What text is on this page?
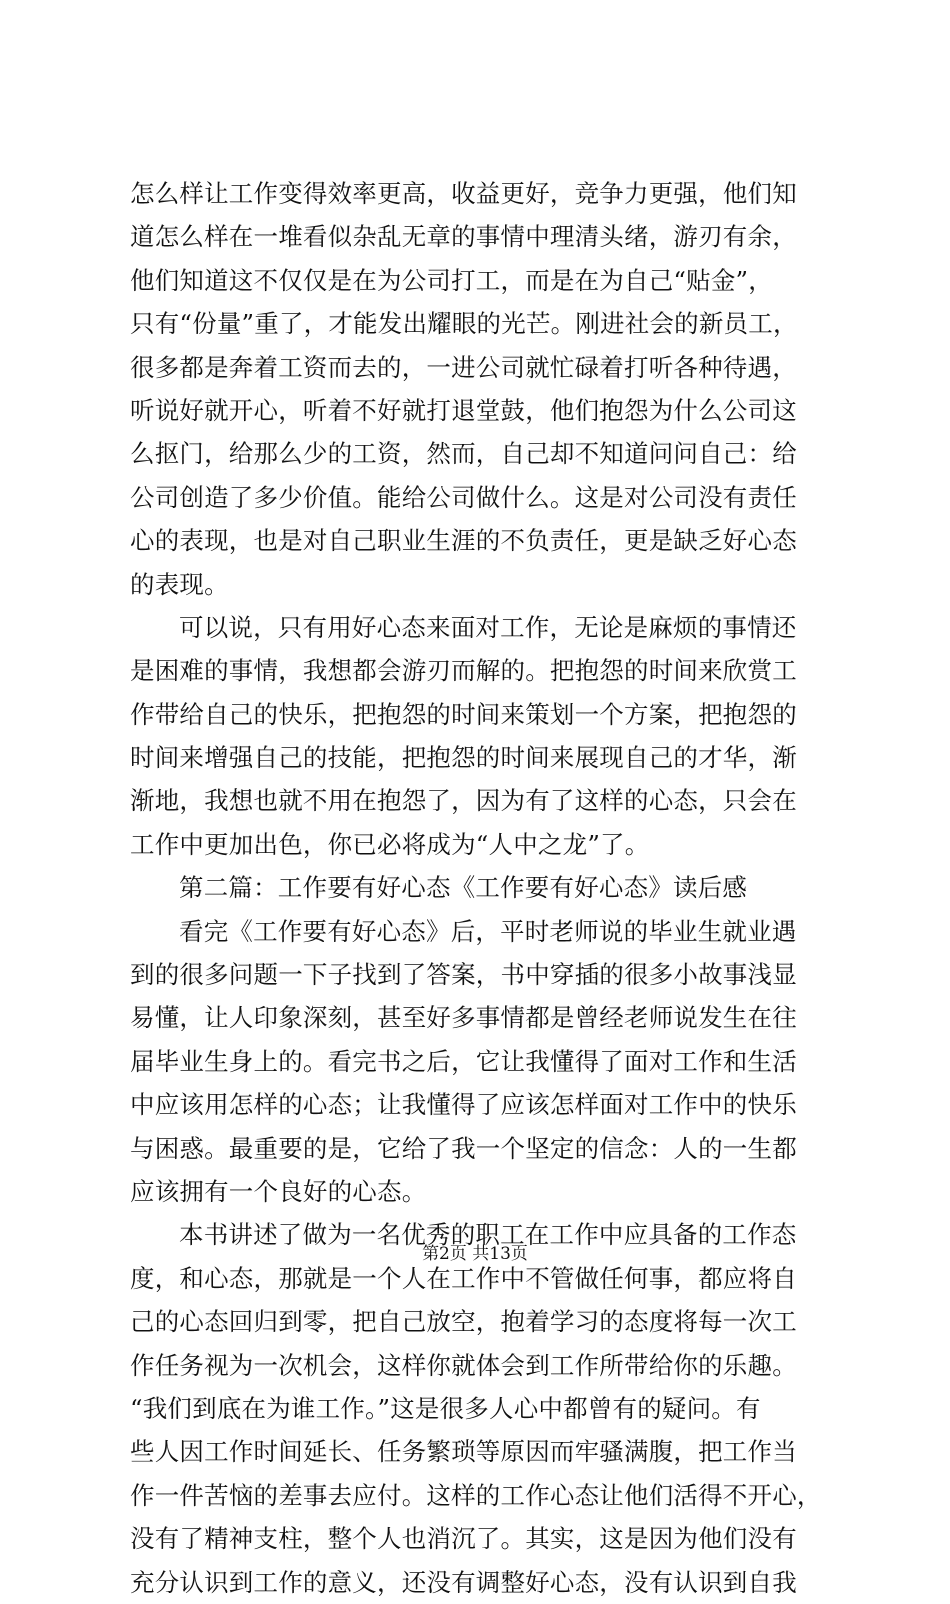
怎么样让工作变得效率更高，收益更好，竞争力更强，他们知
道怎么样在一堆看似杂乱无章的事情中理清头绪，游刃有余，
他们知道这不仅仅是在为公司打工，而是在为自己“贴金”，
只有“份量”重了，才能发出耀眼的光芒。刚进社会的新员工，
很多都是奔着工资而去的，一进公司就忙碌着打听各种待遇，
听说好就开心，听着不好就打退堂鼓，他们抱怨为什么公司这
么抠门，给那么少的工资，然而，自己却不知道问问自己：给
公司创造了多少价值。能给公司做什么。这是对公司没有责任
心的表现，也是对自己职业生涯的不负责任，更是缺乏好心态
的表现。
可以说，只有用好心态来面对工作，无论是麻烦的事情还
是困难的事情，我想都会游刃而解的。把抱怨的时间来欣赏工
作带给自己的快乐，把抱怨的时间来策划一个方案，把抱怨的
时间来增强自己的技能，把抱怨的时间来展现自己的才华，渐
渐地，我想也就不用在抱怨了，因为有了这样的心态，只会在
工作中更加出色，你已必将成为“人中之龙”了。
第二篇：工作要有好心态《工作要有好心态》读后感
看完《工作要有好心态》后，平时老师说的毕业生就业遇
到的很多问题一下子找到了答案，书中穿插的很多小故事浅显
易懂，让人印象深刻，甚至好多事情都是曾经老师说发生在往
届毕业生身上的。看完书之后，它让我懂得了面对工作和生活
中应该用怎样的心态；让我懂得了应该怎样面对工作中的快乐
与困惑。最重要的是，它给了我一个坚定的信念：人的一生都
应该拥有一个良好的心态。
本书讲述了做为一名优秀的职工在工作中应具备的工作态
度，和心态，那就是一个人在工作中不管做任何事，都应将自
己的心态回归到零，把自己放空，抱着学习的态度将每一次工
作任务视为一次机会，这样你就体会到工作所带给你的乐趣。
“我们到底在为谁工作。”这是很多人心中都曾有的疑问。有
些人因工作时间延长、任务繁琐等原因而牢骚满腹，把工作当
作一件苦恼的差事去应付。这样的工作心态让他们活得不开心，
没有了精神支柱，整个人也消沉了。其实，这是因为他们没有
充分认识到工作的意义，还没有调整好心态，没有认识到自我
第2页 共13页
